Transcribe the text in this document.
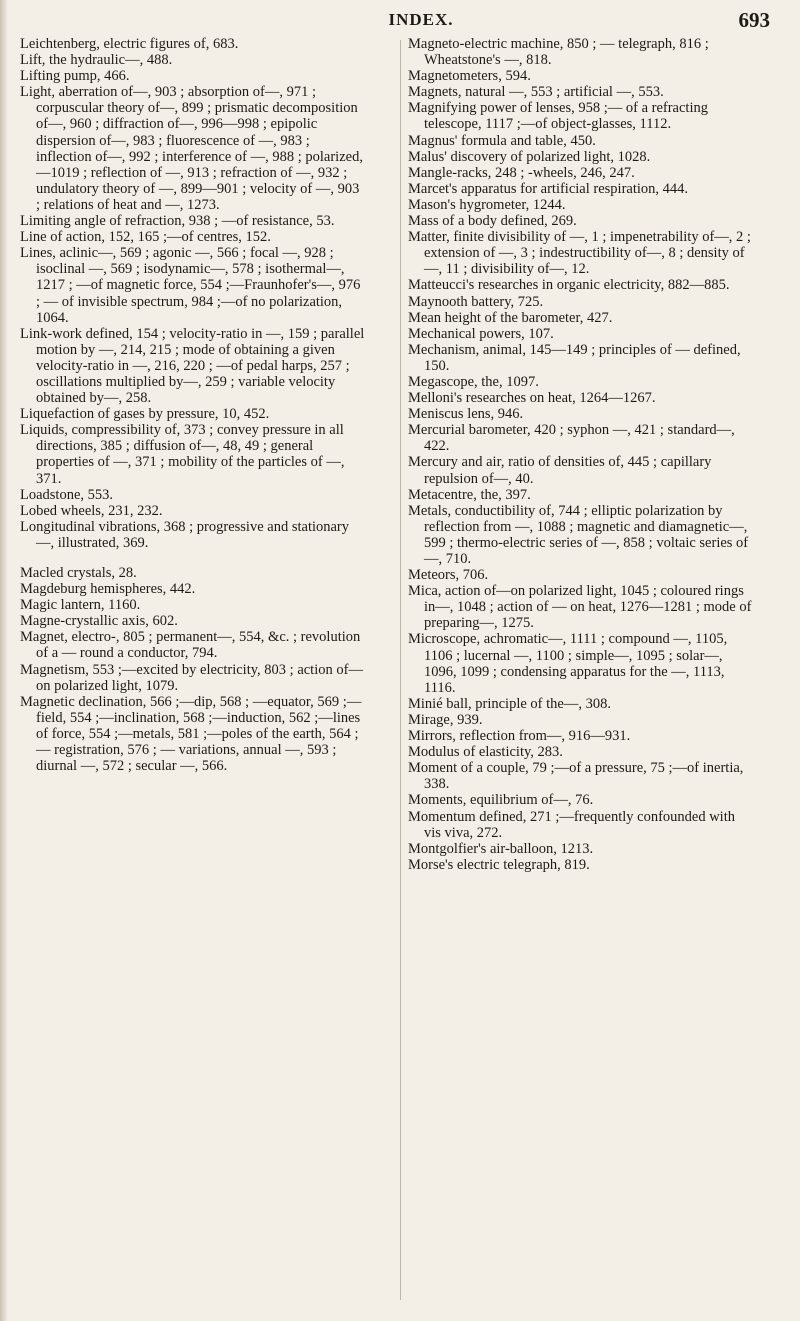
INDEX.	693

Leichtenberg, electric figures of, 683.

Lift, the hydraulic—, 488.

Lifting pump, 466.

Light, aberration of—, 903 ; absorption of—, 971 ; corpuscular theory of—, 899 ; prismatic decomposition of—, 960 ; diffraction of—, 996—998 ; epipolic dispersion of—, 983 ; fluorescence of —, 983 ; inflection of—, 992 ; interference of —, 988 ; polarized,—1019 ; reflection of —, 913 ; refraction of —, 932 ; undulatory theory of —, 899—901 ; velocity of —, 903 ; relations of heat and —, 1273.

Limiting angle of refraction, 938 ; —of resistance, 53.

Line of action, 152, 165 ;—of centres, 152.

Lines, aclinic—, 569 ; agonic —, 566 ; focal —, 928 ; isoclinal —, 569 ; isodynamic—, 578 ; isothermal—, 1217 ; —of magnetic force, 554 ;—Fraunhofer's—, 976 ; — of invisible spectrum, 984 ;—of no polarization, 1064.

Link-work defined, 154 ; velocity-ratio in —, 159 ; parallel motion by —, 214, 215 ; mode of obtaining a given velocity-ratio in —, 216, 220 ; —of pedal harps, 257 ; oscillations multiplied by—, 259 ; variable velocity obtained by—, 258.

Liquefaction of gases by pressure, 10, 452.

Liquids, compressibility of, 373 ; convey pressure in all directions, 385 ; diffusion of—, 48, 49 ; general properties of —, 371 ; mobility of the particles of —, 371.

Loadstone, 553.

Lobed wheels, 231, 232.

Longitudinal vibrations, 368 ; progressive and stationary—, illustrated, 369.

Macled crystals, 28.

Magdeburg hemispheres, 442.

Magic lantern, 1160.

Magne-crystallic axis, 602.

Magnet, electro-, 805 ; permanent—, 554, &c. ; revolution of a — round a conductor, 794.

Magnetism, 553 ;—excited by electricity, 803 ; action of—on polarized light, 1079.

Magnetic declination, 566 ;—dip, 568 ; —equator, 569 ;—field, 554 ;—inclination, 568 ;—induction, 562 ;—lines of force, 554 ;—metals, 581 ;—poles of the earth, 564 ; — registration, 576 ; — variations, annual —, 593 ; diurnal —, 572 ; secular —, 566.

Magneto-electric machine, 850 ; — telegraph, 816 ; Wheatstone's —, 818.

Magnetometers, 594.

Magnets, natural —, 553 ; artificial —, 553.

Magnifying power of lenses, 958 ;— of a refracting telescope, 1117 ;—of object-glasses, 1112.

Magnus' formula and table, 450.

Malus' discovery of polarized light, 1028.

Mangle-racks, 248 ; -wheels, 246, 247.

Marcet's apparatus for artificial respiration, 444.

Mason's hygrometer, 1244.

Mass of a body defined, 269.

Matter, finite divisibility of —, 1 ; impenetrability of—, 2 ; extension of —, 3 ; indestructibility of—, 8 ; density of—, 11 ; divisibility of—, 12.

Matteucci's researches in organic electricity, 882—885.

Maynooth battery, 725.

Mean height of the barometer, 427.

Mechanical powers, 107.

Mechanism, animal, 145—149 ; principles of — defined, 150.

Megascope, the, 1097.

Melloni's researches on heat, 1264—1267.

Meniscus lens, 946.

Mercurial barometer, 420 ; syphon —, 421 ; standard—, 422.

Mercury and air, ratio of densities of, 445 ; capillary repulsion of—, 40.

Metacentre, the, 397.

Metals, conductibility of, 744 ; elliptic polarization by reflection from —, 1088 ; magnetic and diamagnetic—, 599 ; thermo-electric series of —, 858 ; voltaic series of —, 710.

Meteors, 706.

Mica, action of—on polarized light, 1045 ; coloured rings in—, 1048 ; action of — on heat, 1276—1281 ; mode of preparing—, 1275.

Microscope, achromatic—, 1111 ; compound —, 1105, 1106 ; lucernal —, 1100 ; simple—, 1095 ; solar—, 1096, 1099 ; condensing apparatus for the —, 1113, 1116.

Minié ball, principle of the—, 308.

Mirage, 939.

Mirrors, reflection from—, 916—931.

Modulus of elasticity, 283.

Moment of a couple, 79 ;—of a pressure, 75 ;—of inertia, 338.

Moments, equilibrium of—, 76.

Momentum defined, 271 ;—frequently confounded with vis viva, 272.

Montgolfier's air-balloon, 1213.

Morse's electric telegraph, 819.
